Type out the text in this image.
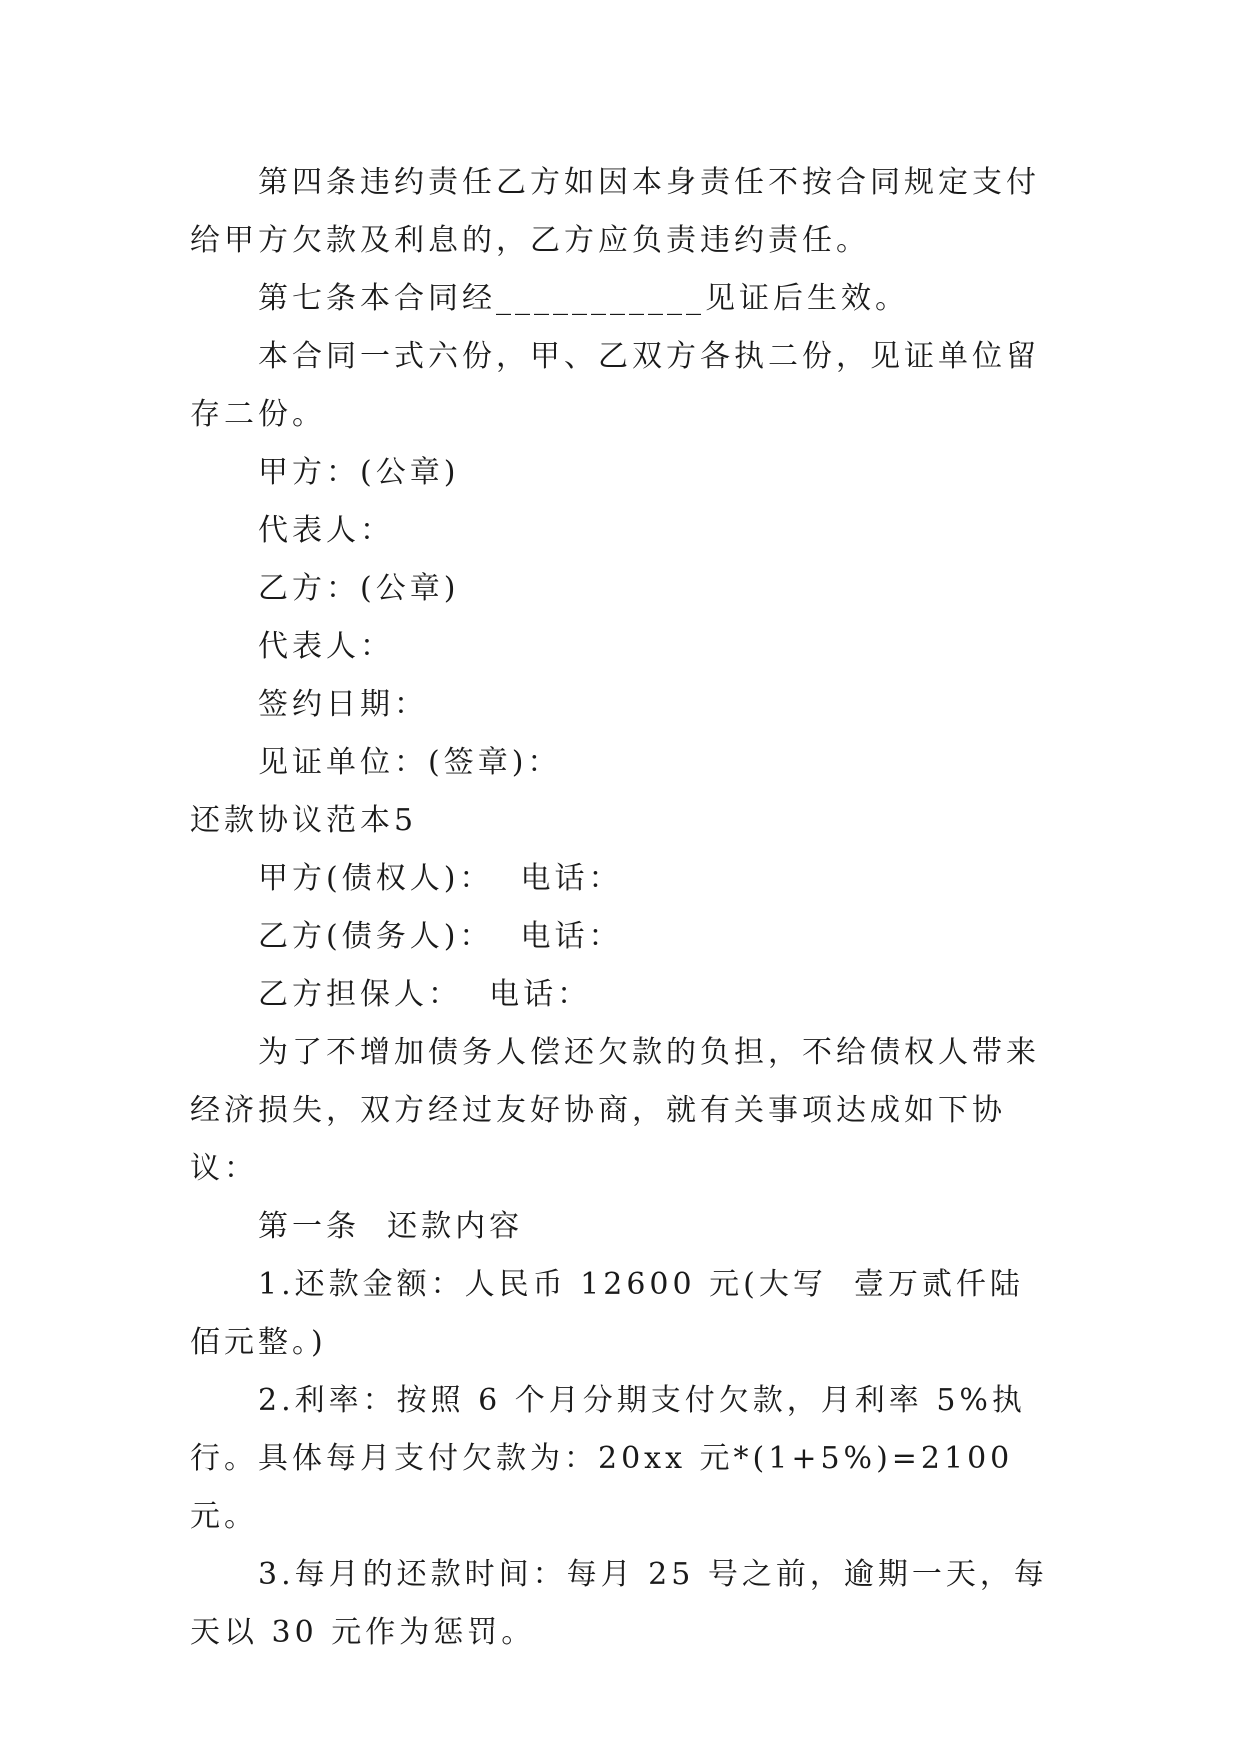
第四条违约责任乙方如因本身责任不按合同规定支付给甲方欠款及利息的，乙方应负责违约责任。

第七条本合同经___________见证后生效。

本合同一式六份，甲、乙双方各执二份，见证单位留存二份。

甲方：(公章)

代表人：

乙方：(公章)

代表人：

签约日期：

见证单位：(签章)：

还款协议范本5

甲方(债权人)：  电话：

乙方(债务人)：  电话：

乙方担保人：  电话：

为了不增加债务人偿还欠款的负担，不给债权人带来经济损失，双方经过友好协商，就有关事项达成如下协议：

第一条  还款内容

1.还款金额：人民币 12600 元(大写  壹万贰仟陆佰元整。)

2.利率：按照 6 个月分期支付欠款，月利率 5%执行。具体每月支付欠款为：20xx 元*(1+5%)=2100 元。

3.每月的还款时间：每月 25 号之前，逾期一天，每天以 30 元作为惩罚。
